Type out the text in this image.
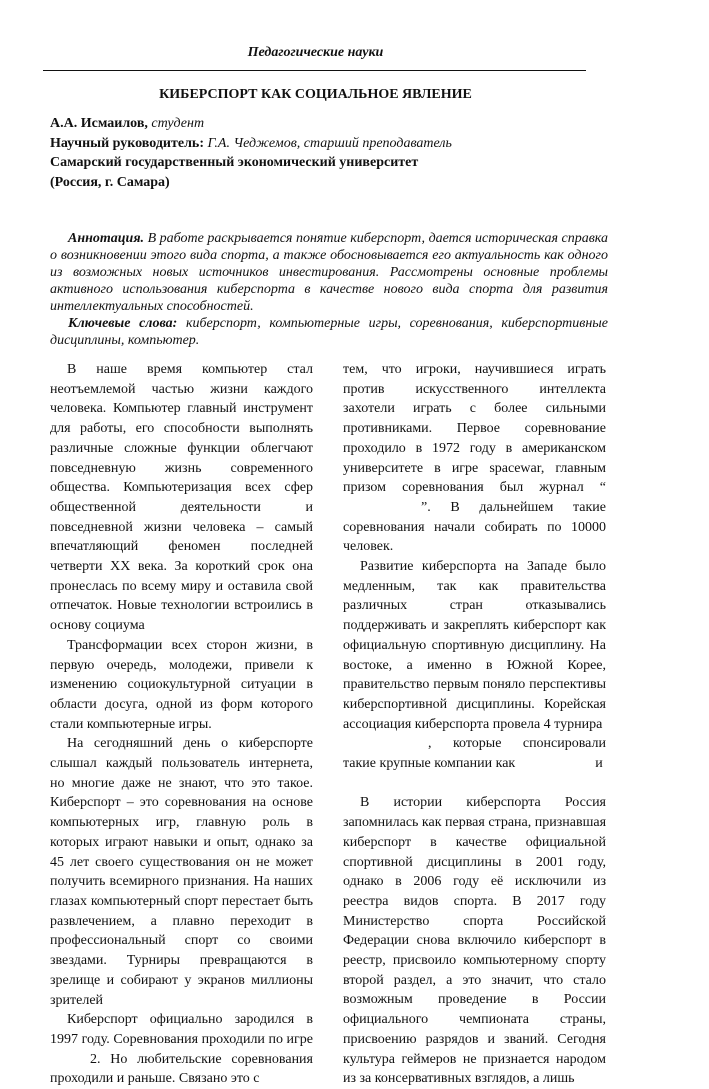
Педагогические науки
КИБЕРСПОРТ КАК СОЦИАЛЬНОЕ ЯВЛЕНИЕ
А.А. Исмаилов, студент
Научный руководитель: Г.А. Чеджемов, старший преподаватель
Самарский государственный экономический университет
(Россия, г. Самара)

Аннотация. В работе раскрывается понятие киберспорт, дается историческая справка о возникновении этого вида спорта, а также обосновывается его актуальность как одного из возможных новых источников инвестирования. Рассмотрены основные проблемы активного использования киберспорта в качестве нового вида спорта для развития интеллектуальных способностей.

Ключевые слова: киберспорт, компьютерные игры, соревнования, киберспортивные дисциплины, компьютер.

В наше время компьютер стал неотъемлемой частью жизни каждого человека. Компьютер главный инструмент для работы, его способности выполнять различные сложные функции облегчают повседневную жизнь современного общества. Компьютеризация всех сфер общественной деятельности и повседневной жизни человека – самый впечатляющий феномен последней четверти XX века. За короткий срок она пронеслась по всему миру и оставила свой отпечаток. Новые технологии встроились в основу социума

Трансформации всех сторон жизни, в первую очередь, молодежи, привели к изменению социокультурной ситуации в области досуга, одной из форм которого стали компьютерные игры.

На сегодняшний день о киберспорте слышал каждый пользователь интернета, но многие даже не знают, что это такое. Киберспорт – это соревнования на основе компьютерных игр, главную роль в которых играют навыки и опыт, однако за 45 лет своего существования он не может получить всемирного признания. На наших глазах компьютерный спорт перестает быть развлечением, а плавно переходит в профессиональный спорт со своими звездами. Турниры превращаются в зрелище и собирают у экранов миллионы зрителей

Киберспорт официально зародился в 1997 году. Соревнования проходили по игре2. Но любительские соревнования проходили и раньше. Связано это с

тем, что игроки, научившиеся играть против искусственного интеллекта захотели играть с более сильными противниками. Первое соревнование проходило в 1972 году в американском университете в игре spacewar, главным призом соревнования был журнал “”. В дальнейшем такие соревнования начали собирать по 10000 человек.

Развитие киберспорта на Западе было медленным, так как правительства различных стран отказывались поддерживать и закреплять киберспорт как официальную спортивную дисциплину. На востоке, а именно в Южной Корее, правительство первым поняло перспективы киберспортивной дисциплины. Корейская ассоциация киберспорта провела 4 турнира
, которые спонсировали такие крупные компании как	и

В истории киберспорта Россия запомнилась как первая страна, признавшая киберспорт в качестве официальной спортивной дисциплины в 2001 году, однако в 2006 году её исключили из реестра видов спорта. В 2017 году Министерство спорта Российской Федерации снова включило киберспорт в реестр, присвоило компьютерному спорту второй раздел, а это значит, что стало возможным проведение в России официального чемпионата страны, присвоению разрядов и званий. Сегодня культура геймеров не признается народом из за консервативных взглядов, а лишь
